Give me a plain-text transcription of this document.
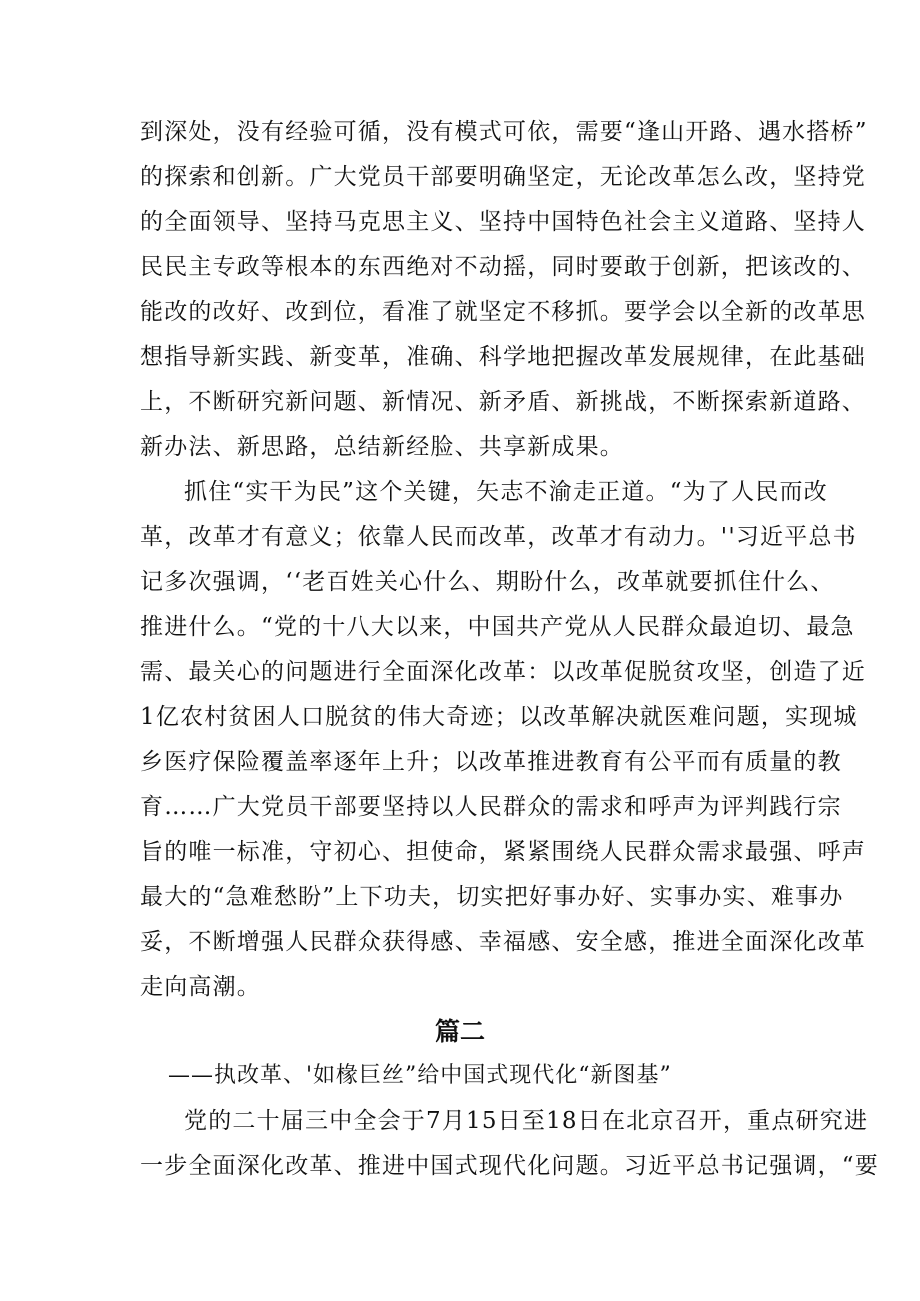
到深处，没有经验可循，没有模式可依，需要“逢山开路、遇水搭桥”
的探索和创新。广大党员干部要明确坚定，无论改革怎么改，坚持党
的全面领导、坚持马克思主义、坚持中国特色社会主义道路、坚持人
民民主专政等根本的东西绝对不动摇，同时要敢于创新，把该改的、
能改的改好、改到位，看准了就坚定不移抓。要学会以全新的改革思
想指导新实践、新变革，准确、科学地把握改革发展规律，在此基础
上，不断研究新问题、新情况、新矛盾、新挑战，不断探索新道路、
新办法、新思路，总结新经脸、共享新成果。
抓住“实干为民”这个关键，矢志不渝走正道。“为了人民而改
革，改革才有意义；依靠人民而改革，改革才有动力。''习近平总书
记多次强调，‘‘老百姓关心什么、期盼什么，改革就要抓住什么、
推进什么。“党的十八大以来，中国共产党从人民群众最迫切、最急
需、最关心的问题进行全面深化改革：以改革促脱贫攻坚，创造了近
1亿农村贫困人口脱贫的伟大奇迹；以改革解决就医难问题，实现城
乡医疗保险覆盖率逐年上升；以改革推进教育有公平而有质量的教
育……广大党员干部要坚持以人民群众的需求和呼声为评判践行宗
旨的唯一标准，守初心、担使命，紧紧围绕人民群众需求最强、呼声
最大的“急难愁盼”上下功夫，切实把好事办好、实事办实、难事办
妥，不断增强人民群众获得感、幸福感、安全感，推进全面深化改革
走向高潮。
篇二
——执改革、'如椽巨丝”给中国式现代化“新图基”
党的二十届三中全会于7月15日至18日在北京召开，重点研究进
一步全面深化改革、推进中国式现代化问题。习近平总书记强调，“要
